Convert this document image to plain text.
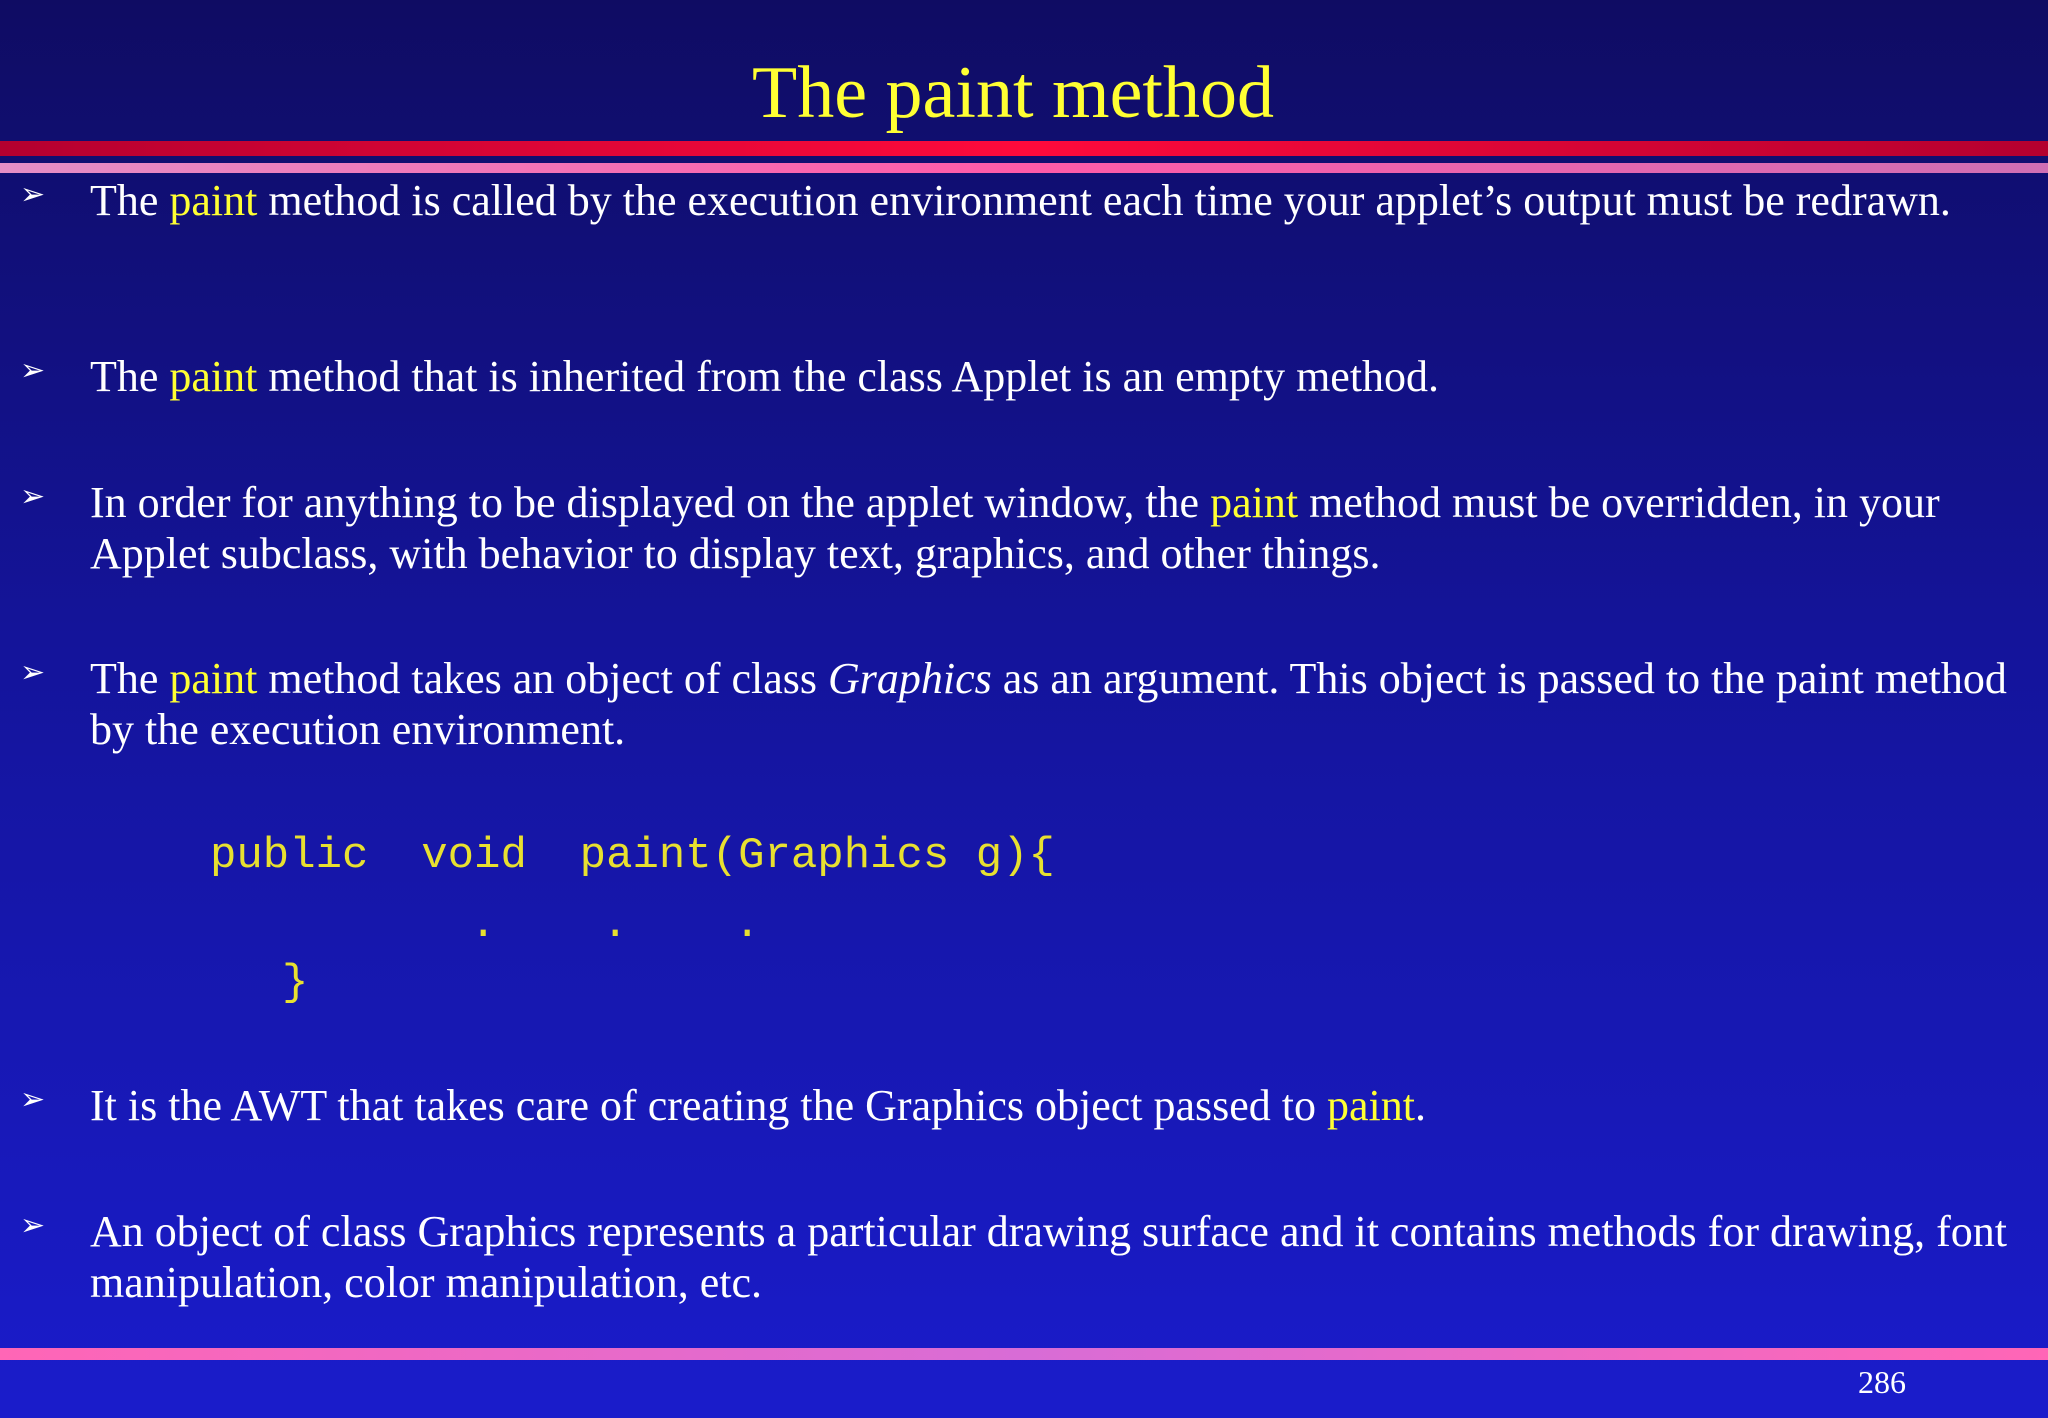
The paint method
➢ The paint method is called by the execution environment each time your applet’s output must be redrawn.
➢ The paint method that is inherited from the class Applet is an empty method.
➢ In order for anything to be displayed on the applet window, the paint method must be overridden, in your Applet subclass, with behavior to display text, graphics, and other things.
➢ The paint method takes an object of class Graphics as an argument. This object is passed to the paint method by the execution environment.
public  void  paint(Graphics g){
.    .    .
}
➢ It is the AWT that takes care of creating the Graphics object passed to paint.
➢ An object of class Graphics represents a particular drawing surface and it contains methods for drawing, font manipulation, color manipulation, etc.
286
